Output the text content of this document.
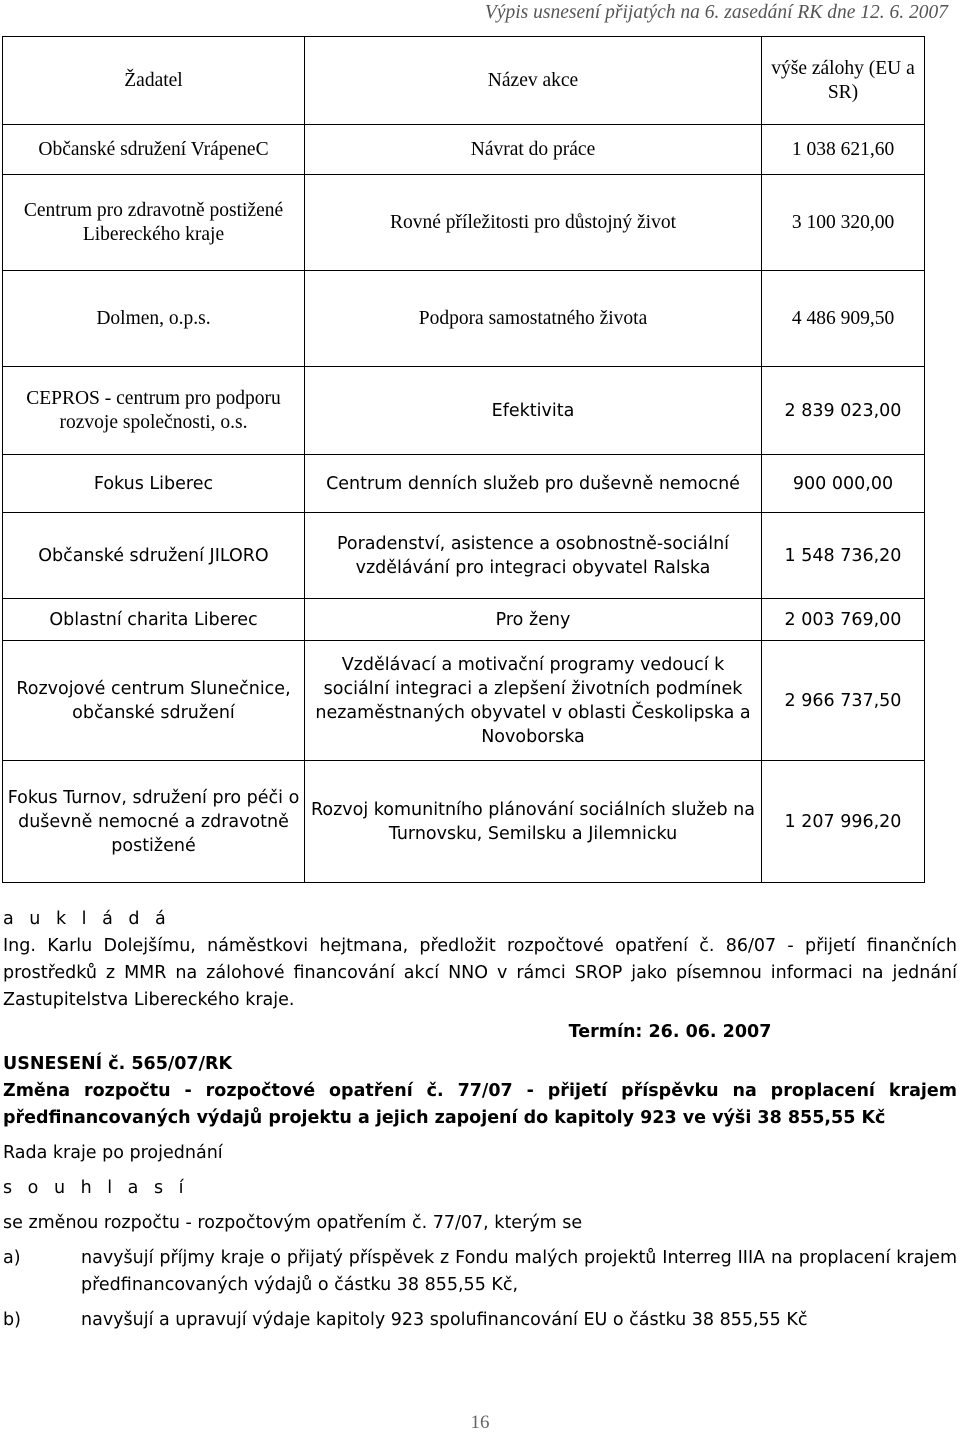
Výpis usnesení přijatých na 6. zasedání RK dne 12. 6. 2007
Žadatel	Název akce	výše zálohy (EU a SR)
Občanské sdružení VrápeneC	Návrat do práce	1 038 621,60
Centrum pro zdravotně postižené Libereckého kraje	Rovné příležitosti pro důstojný život	3 100 320,00
Dolmen, o.p.s.	Podpora samostatného života	4 486 909,50
CEPROS - centrum pro podporu rozvoje společnosti, o.s.	Efektivita	2 839 023,00
Fokus Liberec	Centrum denních služeb pro duševně nemocné	900 000,00
Občanské sdružení JILORO	Poradenství, asistence a osobnostně-sociální vzdělávání pro integraci obyvatel Ralska	1 548 736,20
Oblastní charita Liberec	Pro ženy	2 003 769,00
Rozvojové centrum Slunečnice, občanské sdružení	Vzdělávací a motivační programy vedoucí k sociální integraci a zlepšení životních podmínek nezaměstnaných obyvatel v oblasti Českolipska a Novoborska	2 966 737,50
Fokus Turnov, sdružení pro péči o duševně nemocné a zdravotně postižené	Rozvoj komunitního plánování sociálních služeb na Turnovsku, Semilsku a Jilemnicku	1 207 996,20
a u k l á d á
Ing. Karlu Dolejšímu, náměstkovi hejtmana, předložit rozpočtové opatření č. 86/07 - přijetí finančních prostředků z MMR na zálohové financování akcí NNO v rámci SROP jako písemnou informaci na jednání Zastupitelstva Libereckého kraje.
Termín: 26. 06. 2007
USNESENÍ č. 565/07/RK
Změna rozpočtu - rozpočtové opatření č. 77/07 - přijetí příspěvku na proplacení krajem předfinancovaných výdajů projektu a jejich zapojení do kapitoly 923 ve výši 38 855,55 Kč
Rada kraje po projednání
s o u h l a s í
se změnou rozpočtu - rozpočtovým opatřením č. 77/07, kterým se
a)	navyšují příjmy kraje o přijatý příspěvek z Fondu malých projektů Interreg IIIA na proplacení krajem předfinancovaných výdajů o částku 38 855,55 Kč,
b)	navyšují a upravují výdaje kapitoly 923 spolufinancování EU o částku 38 855,55 Kč
16
